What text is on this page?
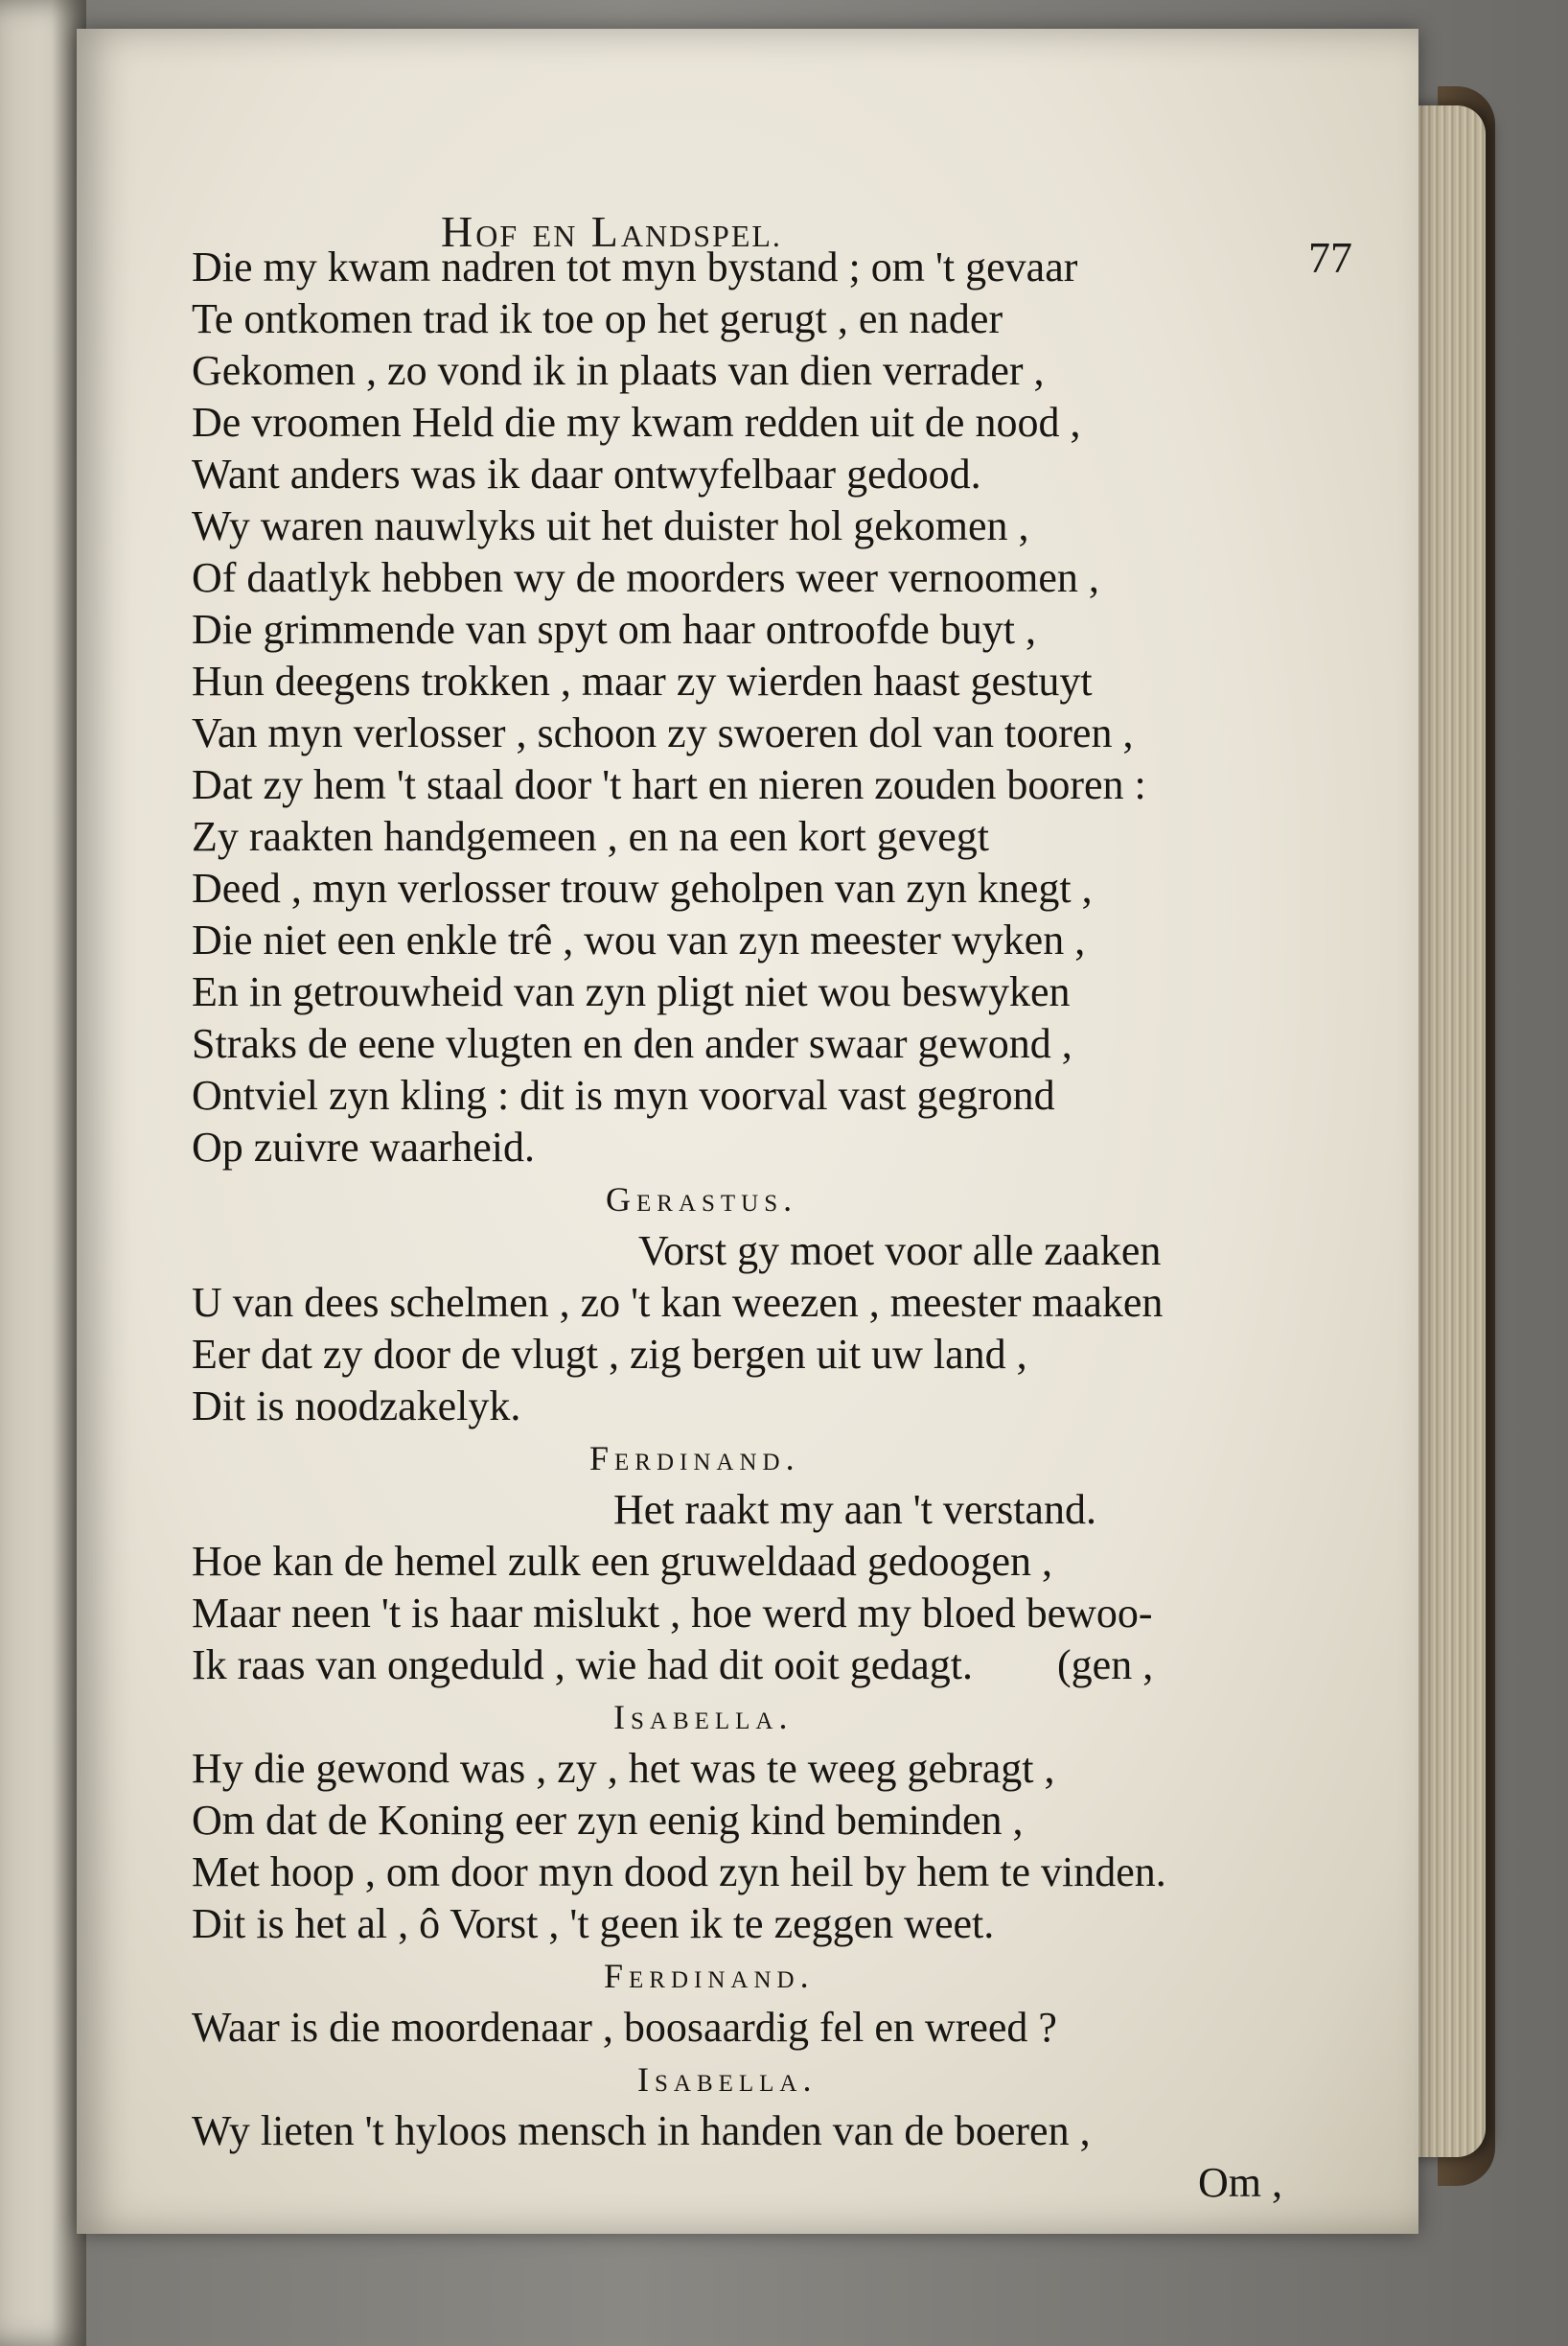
HOF EN LANDSPEL.	77
Die my kwam nadren tot myn bystand ; om 't gevaar
Te ontkomen trad ik toe op het gerugt , en nader
Gekomen , zo vond ik in plaats van dien verrader ,
De vroomen Held die my kwam redden uit de nood ,
Want anders was ik daar ontwyfelbaar gedood.
Wy waren nauwlyks uit het duister hol gekomen ,
Of daatlyk hebben wy de moorders weer vernoomen ,
Die grimmende van spyt om haar ontroofde buyt ,
Hun deegens trokken , maar zy wierden haast gestuyt
Van myn verlosser , schoon zy swoeren dol van tooren ,
Dat zy hem 't staal door 't hart en nieren zouden booren :
Zy raakten handgemeen , en na een kort gevegt
Deed , myn verlosser trouw geholpen van zyn knegt ,
Die niet een enkle trê , wou van zyn meester wyken ,
En in getrouwheid van zyn pligt niet wou beswyken
Straks de eene vlugten en den ander swaar gewond ,
Ontviel zyn kling : dit is myn voorval vast gegrond
Op zuivre waarheid.
Gerastus.
Vorst gy moet voor alle zaaken
U van dees schelmen , zo 't kan weezen , meester maaken
Eer dat zy door de vlugt , zig bergen uit uw land ,
Dit is noodzakelyk.
Ferdinand.
Het raakt my aan 't verstand.
Hoe kan de hemel zulk een gruweldaad gedoogen ,
Maar neen 't is haar mislukt , hoe werd my bloed bewoo-
Ik raas van ongeduld , wie had dit ooit gedagt.        (gen ,
Isabella.
Hy die gewond was , zy , het was te weeg gebragt ,
Om dat de Koning eer zyn eenig kind beminden ,
Met hoop , om door myn dood zyn heil by hem te vinden.
Dit is het al , ô Vorst , 't geen ik te zeggen weet.
Ferdinand.
Waar is die moordenaar , boosaardig fel en wreed ?
Isabella.
Wy lieten 't hyloos mensch in handen van de boeren ,
Om ,
